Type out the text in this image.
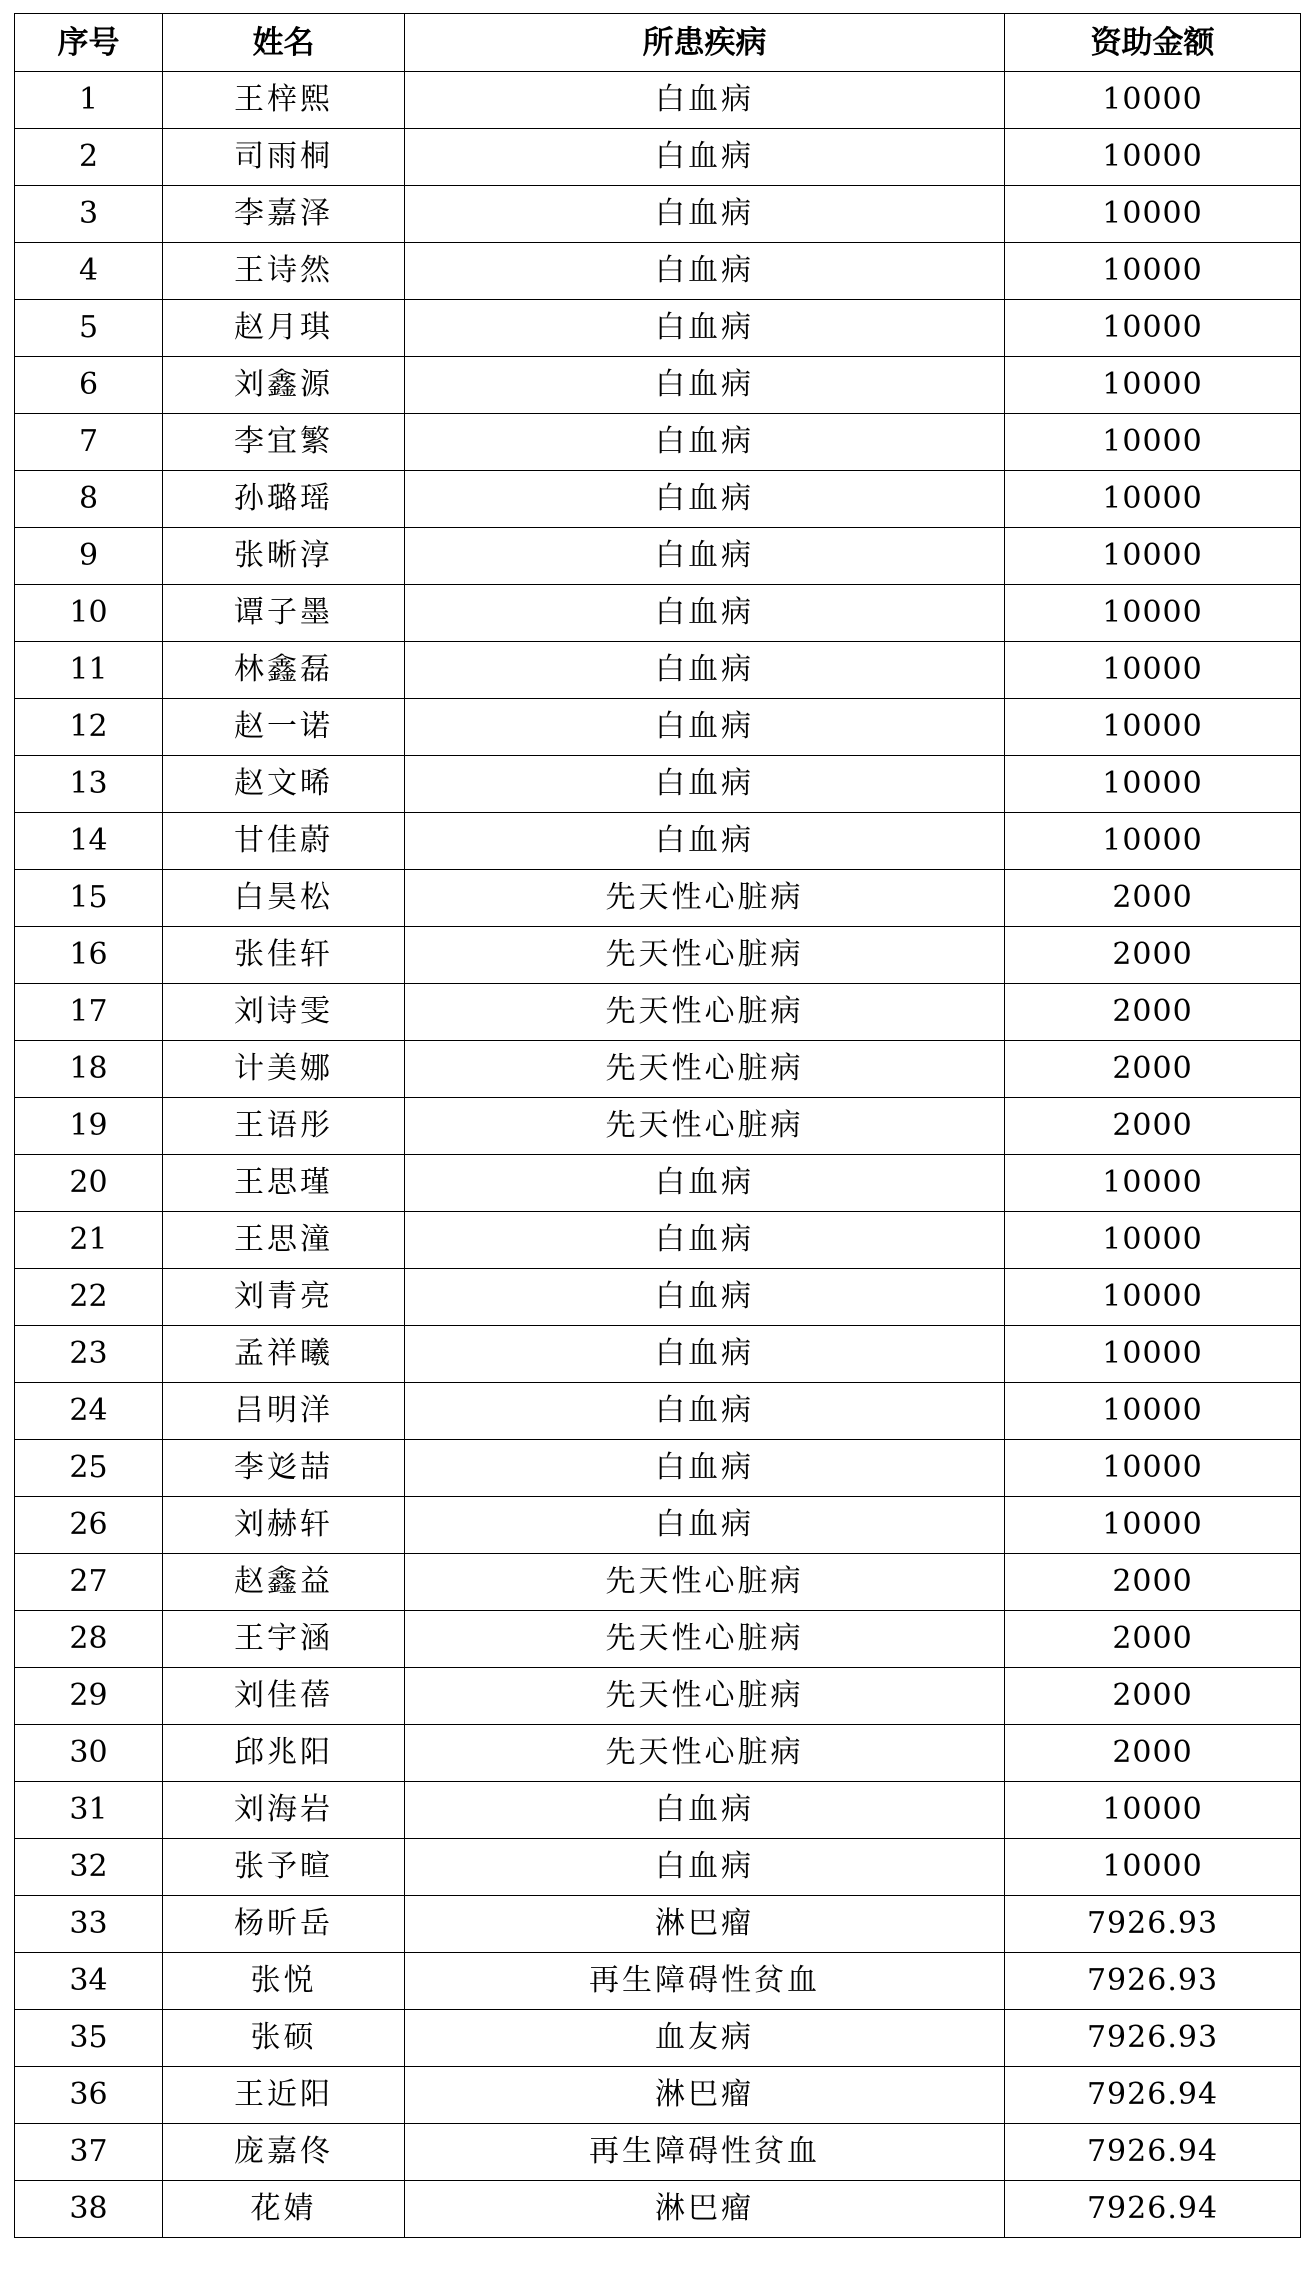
序号	姓名	所患疾病	资助金额
1	王梓熙	白血病	10000
2	司雨桐	白血病	10000
3	李嘉泽	白血病	10000
4	王诗然	白血病	10000
5	赵月琪	白血病	10000
6	刘鑫源	白血病	10000
7	李宜繁	白血病	10000
8	孙璐瑶	白血病	10000
9	张晰淳	白血病	10000
10	谭子墨	白血病	10000
11	林鑫磊	白血病	10000
12	赵一诺	白血病	10000
13	赵文晞	白血病	10000
14	甘佳蔚	白血病	10000
15	白昊松	先天性心脏病	2000
16	张佳轩	先天性心脏病	2000
17	刘诗雯	先天性心脏病	2000
18	计美娜	先天性心脏病	2000
19	王语彤	先天性心脏病	2000
20	王思瑾	白血病	10000
21	王思潼	白血病	10000
22	刘青亮	白血病	10000
23	孟祥曦	白血病	10000
24	吕明洋	白血病	10000
25	李彣喆	白血病	10000
26	刘赫轩	白血病	10000
27	赵鑫益	先天性心脏病	2000
28	王宇涵	先天性心脏病	2000
29	刘佳蓓	先天性心脏病	2000
30	邱兆阳	先天性心脏病	2000
31	刘海岩	白血病	10000
32	张予暄	白血病	10000
33	杨昕岳	淋巴瘤	7926.93
34	张悦	再生障碍性贫血	7926.93
35	张硕	血友病	7926.93
36	王近阳	淋巴瘤	7926.94
37	庞嘉佟	再生障碍性贫血	7926.94
38	花婧	淋巴瘤	7926.94
